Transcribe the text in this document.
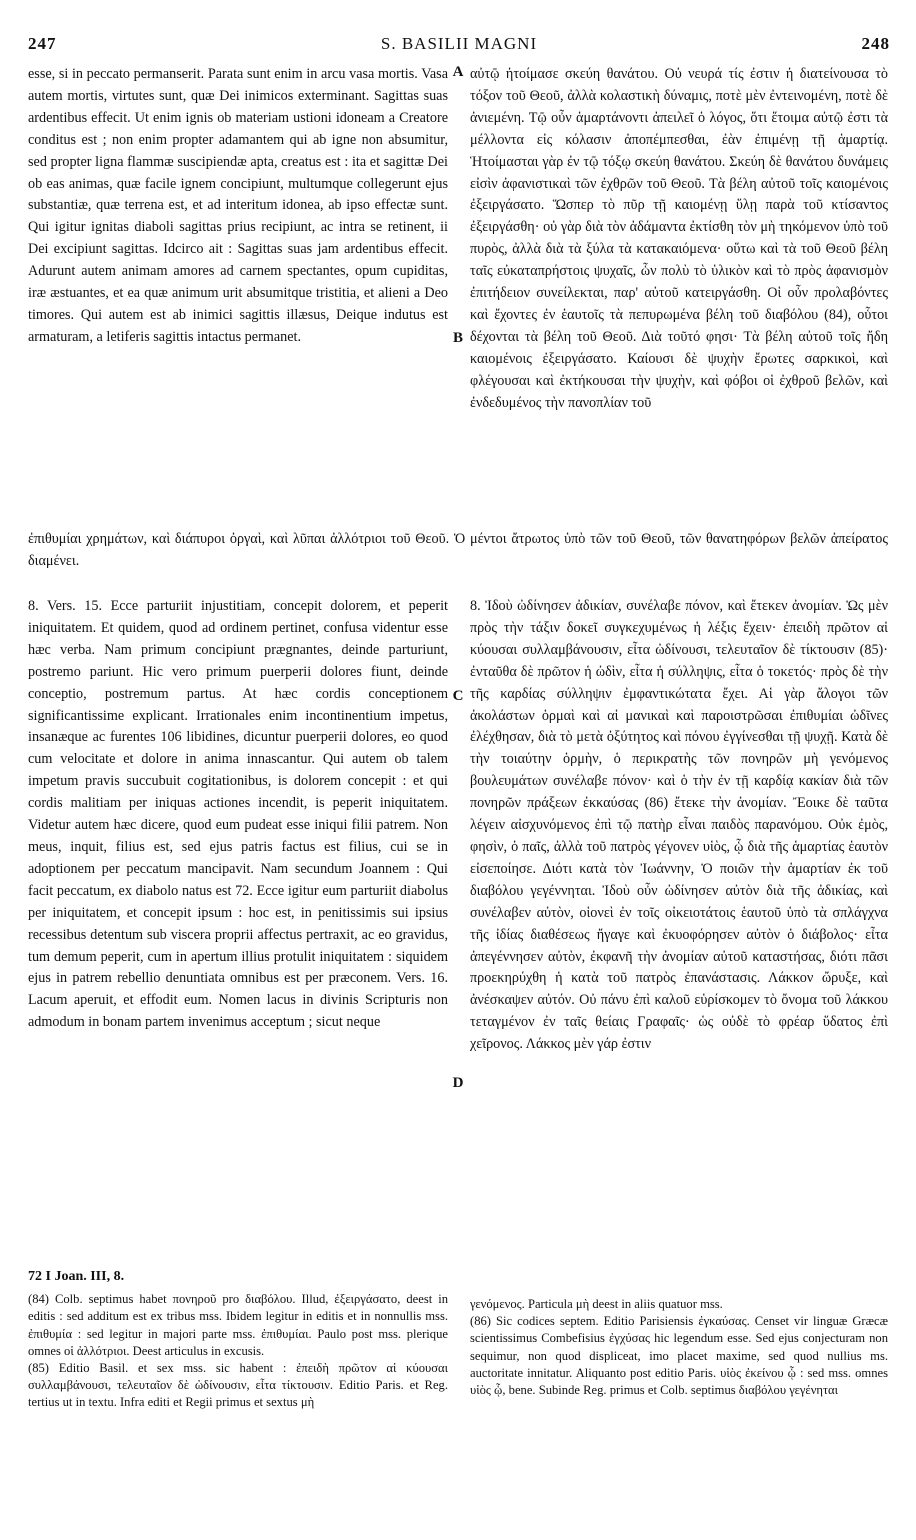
247	S. BASILII MAGNI	248
A
B
C
D

esse, si in peccato permanserit. Parata sunt enim in arcu vasa mortis. Vasa autem mortis, virtutes sunt, quæ Dei inimicos exterminant. Sagittas suas ardentibus effecit. Ut enim ignis ob materiam ustioni idoneam a Creatore conditus est ; non enim propter adamantem qui ab igne non absumitur, sed propter ligna flammæ suscipiendæ apta, creatus est : ita et sagittæ Dei ob eas animas, quæ facile ignem concipiunt, multumque collegerunt ejus substantiæ, quæ terrena est, et ad interitum idonea, ab ipso effectæ sunt. Qui igitur ignitas diaboli sagittas prius recipiunt, ac intra se retinent, ii Dei excipiunt sagittas. Idcirco ait : Sagittas suas jam ardentibus effecit. Adurunt autem animam amores ad carnem spectantes, opum cupiditas, iræ æstuantes, et ea quæ animum urit absumitque tristitia, et alieni a Deo timores. Qui autem est ab inimici sagittis illæsus, Deique indutus est armaturam, a letiferis sagittis intactus permanet.

αὐτῷ ἡτοίμασε σκεύη θανάτου. Οὐ νευρά τίς ἐστιν ἡ διατείνουσα τὸ τόξον τοῦ Θεοῦ, ἀλλὰ κολαστικὴ δύναμις, ποτὲ μὲν ἐντεινομένη, ποτὲ δὲ ἀνιεμένη. Τῷ οὖν ἁμαρτάνοντι ἀπειλεῖ ὁ λόγος, ὅτι ἕτοιμα αὐτῷ ἐστι τὰ μέλλοντα εἰς κόλασιν ἀποπέμπεσθαι, ἐὰν ἐπιμένῃ τῇ ἁμαρτίᾳ. Ἡτοίμασται γὰρ ἐν τῷ τόξῳ σκεύη θανάτου. Σκεύη δὲ θανάτου δυνάμεις εἰσὶν ἀφανιστικαὶ τῶν ἐχθρῶν τοῦ Θεοῦ. Τὰ βέλη αὐτοῦ τοῖς καιομένοις ἐξειργάσατο. Ὥσπερ τὸ πῦρ τῇ καιομένῃ ὕλῃ παρὰ τοῦ κτίσαντος ἐξειργάσθη· οὐ γὰρ διὰ τὸν ἀδάμαντα ἐκτίσθη τὸν μὴ τηκόμενον ὑπὸ τοῦ πυρὸς, ἀλλὰ διὰ τὰ ξύλα τὰ κατακαιόμενα· οὕτω καὶ τὰ τοῦ Θεοῦ βέλη ταῖς εὐκαταπρήστοις ψυχαῖς, ὧν πολὺ τὸ ὑλικὸν καὶ τὸ πρὸς ἀφανισμὸν ἐπιτήδειον συνείλεκται, παρ' αὐτοῦ κατειργάσθη. Οἱ οὖν προλαβόντες καὶ ἔχοντες ἐν ἑαυτοῖς τὰ πεπυρωμένα βέλη τοῦ διαβόλου (84), οὗτοι δέχονται τὰ βέλη τοῦ Θεοῦ. Διὰ τοῦτό φησι· Τὰ βέλη αὐτοῦ τοῖς ἤδη καιομένοις ἐξειργάσατο. Καίουσι δὲ ψυχὴν ἔρωτες σαρκικοὶ, καὶ φλέγουσαι καὶ ἐκτήκουσαι τὴν ψυχὴν, καὶ φόβοι οἱ ἐχθροῦ βελῶν, καὶ ἐνδεδυμένος τὴν πανοπλίαν τοῦ

ἐπιθυμίαι χρημάτων, καὶ διάπυροι ὀργαὶ, καὶ λῦπαι ἀλλότριοι τοῦ Θεοῦ. Ὁ μέντοι ἄτρωτος ὑπὸ τῶν τοῦ Θεοῦ, τῶν θανατηφόρων βελῶν ἀπείρατος διαμένει.

8. Vers. 15. Ecce parturiit injustitiam, concepit dolorem, et peperit iniquitatem. Et quidem, quod ad ordinem pertinet, confusa videntur esse hæc verba. Nam primum concipiunt prægnantes, deinde parturiunt, postremo pariunt. Hic vero primum puerperii dolores fiunt, deinde conceptio, postremum partus. At hæc cordis conceptionem significantissime explicant. Irrationales enim incontinentium impetus, insanæque ac furentes 106 libidines, dicuntur puerperii dolores, eo quod cum velocitate et dolore in anima innascantur. Qui autem ob talem impetum pravis succubuit cogitationibus, is dolorem concepit : et qui cordis malitiam per iniquas actiones incendit, is peperit iniquitatem. Videtur autem hæc dicere, quod eum pudeat esse iniqui filii patrem. Non meus, inquit, filius est, sed ejus patris factus est filius, cui se in adoptionem per peccatum mancipavit. Nam secundum Joannem : Qui facit peccatum, ex diabolo natus est 72. Ecce igitur eum parturiit diabolus per iniquitatem, et concepit ipsum : hoc est, in penitissimis sui ipsius recessibus detentum sub viscera proprii affectus pertraxit, ac eo gravidus, tum demum peperit, cum in apertum illius protulit iniquitatem : siquidem ejus in patrem rebellio denuntiata omnibus est per præconem. Vers. 16. Lacum aperuit, et effodit eum. Nomen lacus in divinis Scripturis non admodum in bonam partem invenimus acceptum ; sicut neque

8. Ἰδοὺ ὠδίνησεν ἀδικίαν, συνέλαβε πόνον, καὶ ἔτεκεν ἀνομίαν. Ὡς μὲν πρὸς τὴν τάξιν δοκεῖ συγκεχυμένως ἡ λέξις ἔχειν· ἐπειδὴ πρῶτον αἱ κύουσαι συλλαμβάνουσιν, εἶτα ὠδίνουσι, τελευταῖον δὲ τίκτουσιν (85)· ἐνταῦθα δὲ πρῶτον ἡ ὠδὶν, εἶτα ἡ σύλληψις, εἶτα ὁ τοκετός· πρὸς δὲ τὴν τῆς καρδίας σύλληψιν ἐμφαντικώτατα ἔχει. Αἱ γὰρ ἄλογοι τῶν ἀκολάστων ὁρμαὶ καὶ αἱ μανικαὶ καὶ παροιστρῶσαι ἐπιθυμίαι ὠδῖνες ἐλέχθησαν, διὰ τὸ μετὰ ὀξύτητος καὶ πόνου ἐγγίνεσθαι τῇ ψυχῇ. Κατὰ δὲ τὴν τοιαύτην ὁρμὴν, ὁ περικρατὴς τῶν πονηρῶν μὴ γενόμενος βουλευμάτων συνέλαβε πόνον· καὶ ὁ τὴν ἐν τῇ καρδίᾳ κακίαν διὰ τῶν πονηρῶν πράξεων ἐκκαύσας (86) ἔτεκε τὴν ἀνομίαν. Ἔοικε δὲ ταῦτα λέγειν αἰσχυνόμενος ἐπὶ τῷ πατὴρ εἶναι παιδὸς παρανόμου. Οὐκ ἐμὸς, φησὶν, ὁ παῖς, ἀλλὰ τοῦ πατρὸς γέγονεν υἱὸς, ᾧ διὰ τῆς ἁμαρτίας ἑαυτὸν εἰσεποίησε. Διότι κατὰ τὸν Ἰωάννην, Ὁ ποιῶν τὴν ἁμαρτίαν ἐκ τοῦ διαβόλου γεγέννηται. Ἰδοὺ οὖν ὠδίνησεν αὐτὸν διὰ τῆς ἀδικίας, καὶ συνέλαβεν αὐτὸν, οἱονεὶ ἐν τοῖς οἰκειοτάτοις ἑαυτοῦ ὑπὸ τὰ σπλάγχνα τῆς ἰδίας διαθέσεως ἤγαγε καὶ ἐκυοφόρησεν αὐτὸν ὁ διάβολος· εἶτα ἀπεγέννησεν αὐτὸν, ἐκφανῆ τὴν ἀνομίαν αὐτοῦ καταστήσας, διότι πᾶσι προεκηρύχθη ἡ κατὰ τοῦ πατρὸς ἐπανάστασις. Λάκκον ὤρυξε, καὶ ἀνέσκαψεν αὐτόν. Οὐ πάνυ ἐπὶ καλοῦ εὑρίσκομεν τὸ ὄνομα τοῦ λάκκου τεταγμένον ἐν ταῖς θείαις Γραφαῖς· ὡς οὐδὲ τὸ φρέαρ ὕδατος ἐπὶ χεῖρονος. Λάκκος μὲν γάρ ἐστιν

72 I Joan. III, 8.

(84) Colb. septimus habet πονηροῦ pro διαβόλου. Illud, ἐξειργάσατο, deest in editis : sed additum est ex tribus mss. Ibidem legitur in editis et in nonnullis mss. ἐπιθυμία : sed legitur in majori parte mss. ἐπιθυμίαι. Paulo post mss. plerique omnes οἱ ἀλλότριοι. Deest articulus in excusis.

(85) Editio Basil. et sex mss. sic habent : ἐπειδὴ πρῶτον αἱ κύουσαι συλλαμβάνουσι, τελευταῖον δὲ ὠδίνουσιν, εἶτα τίκτουσιν. Editio Paris. et Reg. tertius ut in textu. Infra editi et Regii primus et sextus μὴ

γενόμενος. Particula μὴ deest in aliis quatuor mss.

(86) Sic codices septem. Editio Parisiensis ἐγκαύσας. Censet vir linguæ Græcæ scientissimus Combefisius ἐγχύσας hic legendum esse. Sed ejus conjecturam non sequimur, non quod displiceat, imo placet maxime, sed quod nullius ms. auctoritate innitatur. Aliquanto post editio Paris. υἱὸς ἐκείνου ᾧ : sed mss. omnes υἱὸς ᾧ, bene. Subinde Reg. primus et Colb. septimus διαβόλου γεγένηται
